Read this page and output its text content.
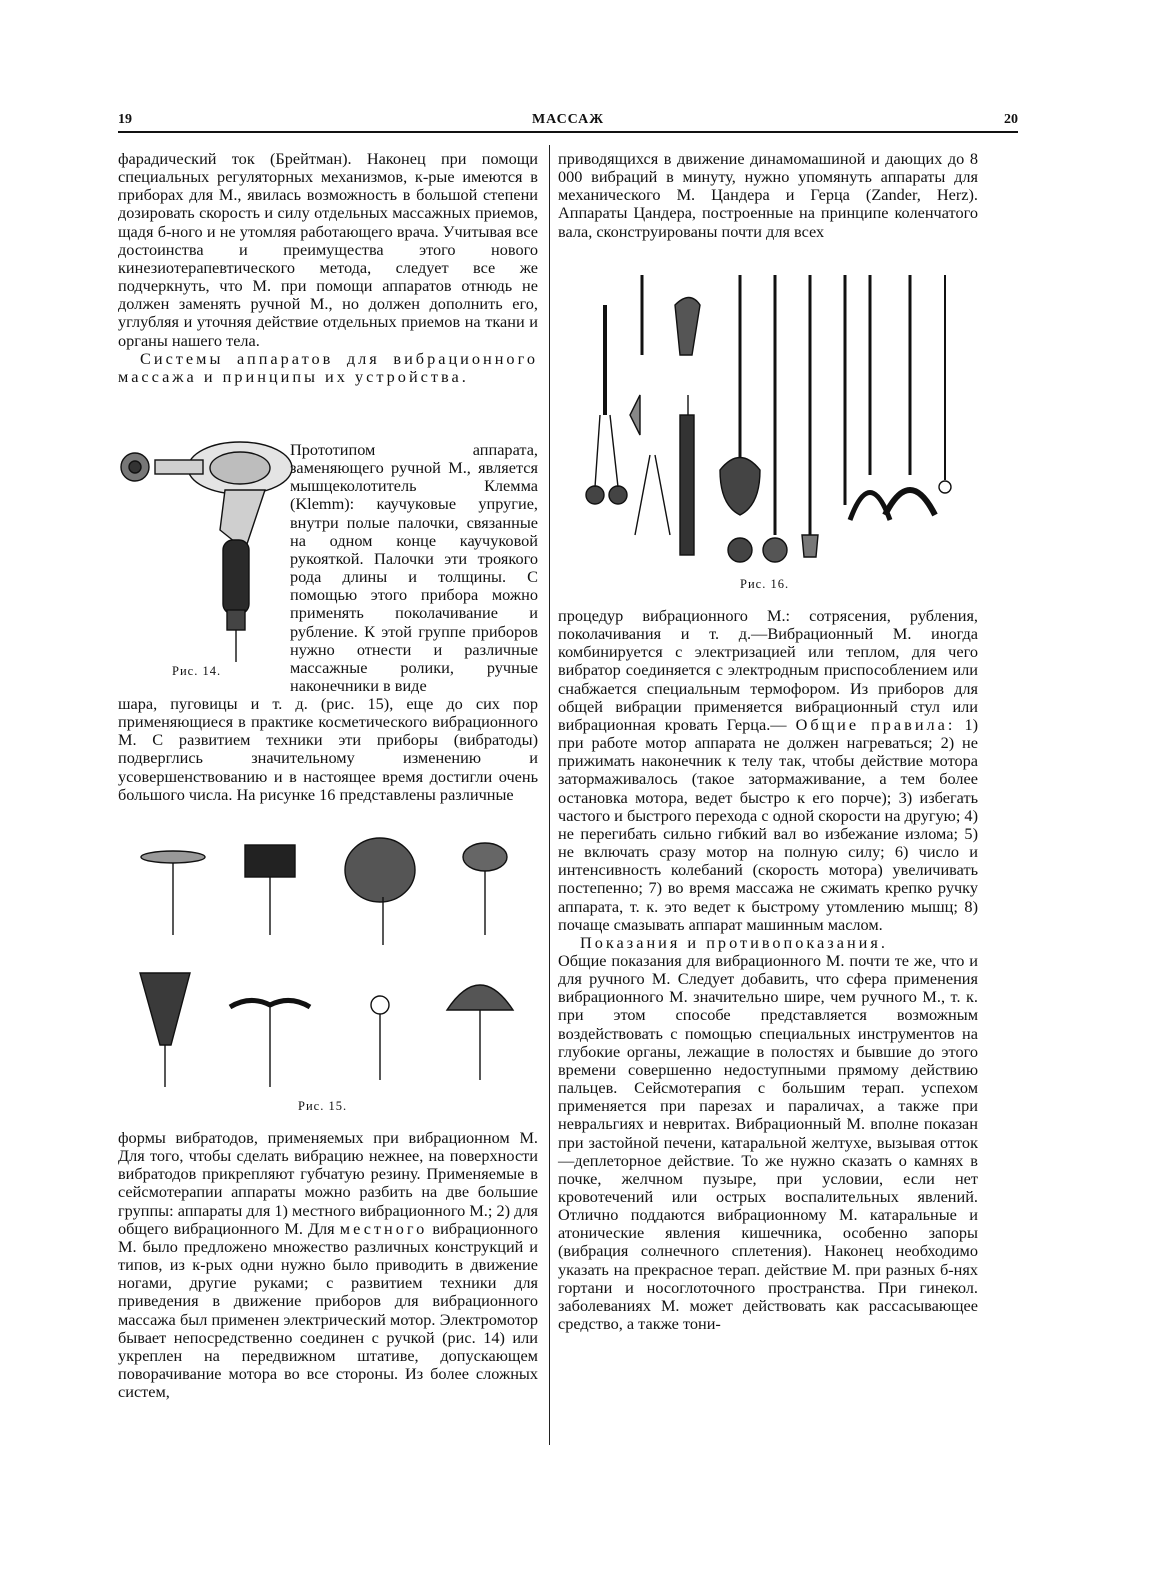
19	МАССАЖ	20

фарадический ток (Брейтман). Наконец при помощи специальных регуляторных механизмов, к-рые имеются в приборах для М., явилась возможность в большой степени дозировать скорость и силу отдельных массажных приемов, щадя б-ного и не утомляя работающего врача. Учитывая все достоинства и преимущества этого нового кинезиотерапевтического метода, следует все же подчеркнуть, что М. при помощи аппаратов отнюдь не должен заменять ручной М., но должен дополнить его, углубляя и уточняя действие отдельных приемов на ткани и органы нашего тела.

Системы аппаратов для вибрационного массажа и принципы их устройства.

Рис. 14.

Прототипом аппарата, заменяющего ручной М., является мышцеколотитель Клемма (Klemm): каучуковые упругие, внутри полые палочки, связанные на одном конце каучуковой рукояткой. Палочки эти троякого рода длины и толщины. С помощью этого прибора можно применять поколачивание и рубление. К этой группе приборов нужно отнести и различные массажные ролики, ручные наконечники в виде

шара, пуговицы и т. д. (рис. 15), еще до сих пор применяющиеся в практике косметического вибрационного М. С развитием техники эти приборы (вибратоды) подверглись значительному изменению и усовершенствованию и в настоящее время достигли очень большого числа. На рисунке 16 представлены различные

Рис. 15.

формы вибратодов, применяемых при вибрационном М. Для того, чтобы сделать вибрацию нежнее, на поверхности вибратодов прикрепляют губчатую резину. Применяемые в сейсмотерапии аппараты можно разбить на две большие группы: аппараты для 1) местного вибрационного М.; 2) для общего вибрационного М. Для местного вибрационного М. было предложено множество различных конструкций и типов, из к-рых одни нужно было приводить в движение ногами, другие руками; с развитием техники для приведения в движение приборов для вибрационного массажа был применен электрический мотор. Электромотор бывает непосредственно соединен с ручкой (рис. 14) или укреплен на передвижном штативе, допускающем поворачивание мотора во все стороны. Из более сложных систем,

приводящихся в движение динамомашиной и дающих до 8 000 вибраций в минуту, нужно упомянуть аппараты для механического М. Цандера и Герца (Zander, Herz). Аппараты Цандера, построенные на принципе коленчатого вала, сконструированы почти для всех

Рис. 16.

процедур вибрационного М.: сотрясения, рубления, поколачивания и т. д.—Вибрационный М. иногда комбинируется с электризацией или теплом, для чего вибратор соединяется с электродным приспособлением или снабжается специальным термофором. Из приборов для общей вибрации применяется вибрационный стул или вибрационная кровать Герца.— Общие правила: 1) при работе мотор аппарата не должен нагреваться; 2) не прижимать наконечник к телу так, чтобы действие мотора затормаживалось (такое затормаживание, а тем более остановка мотора, ведет быстро к его порче); 3) избегать частого и быстрого перехода с одной скорости на другую; 4) не перегибать сильно гибкий вал во избежание излома; 5) не включать сразу мотор на полную силу; 6) число и интенсивность колебаний (скорость мотора) увеличивать постепенно; 7) во время массажа не сжимать крепко ручку аппарата, т. к. это ведет к быстрому утомлению мышц; 8) почаще смазывать аппарат машинным маслом.

Показания и противопоказания.

Общие показания для вибрационного М. почти те же, что и для ручного М. Следует добавить, что сфера применения вибрационного М. значительно шире, чем ручного М., т. к. при этом способе представляется возможным воздействовать с помощью специальных инструментов на глубокие органы, лежащие в полостях и бывшие до этого времени совершенно недоступными прямому действию пальцев. Сейсмотерапия с большим терап. успехом применяется при парезах и параличах, а также при невральгиях и невритах. Вибрационный М. вполне показан при застойной печени, катаральной желтухе, вызывая отток —деплеторное действие. То же нужно сказать о камнях в почке, желчном пузыре, при условии, если нет кровотечений или острых воспалительных явлений. Отлично поддаются вибрационному М. катаральные и атонические явления кишечника, особенно запоры (вибрация солнечного сплетения). Наконец необходимо указать на прекрасное терап. действие М. при разных б-нях гортани и носоглоточного пространства. При гинекол. заболеваниях М. может действовать как рассасывающее средство, а также тони-
